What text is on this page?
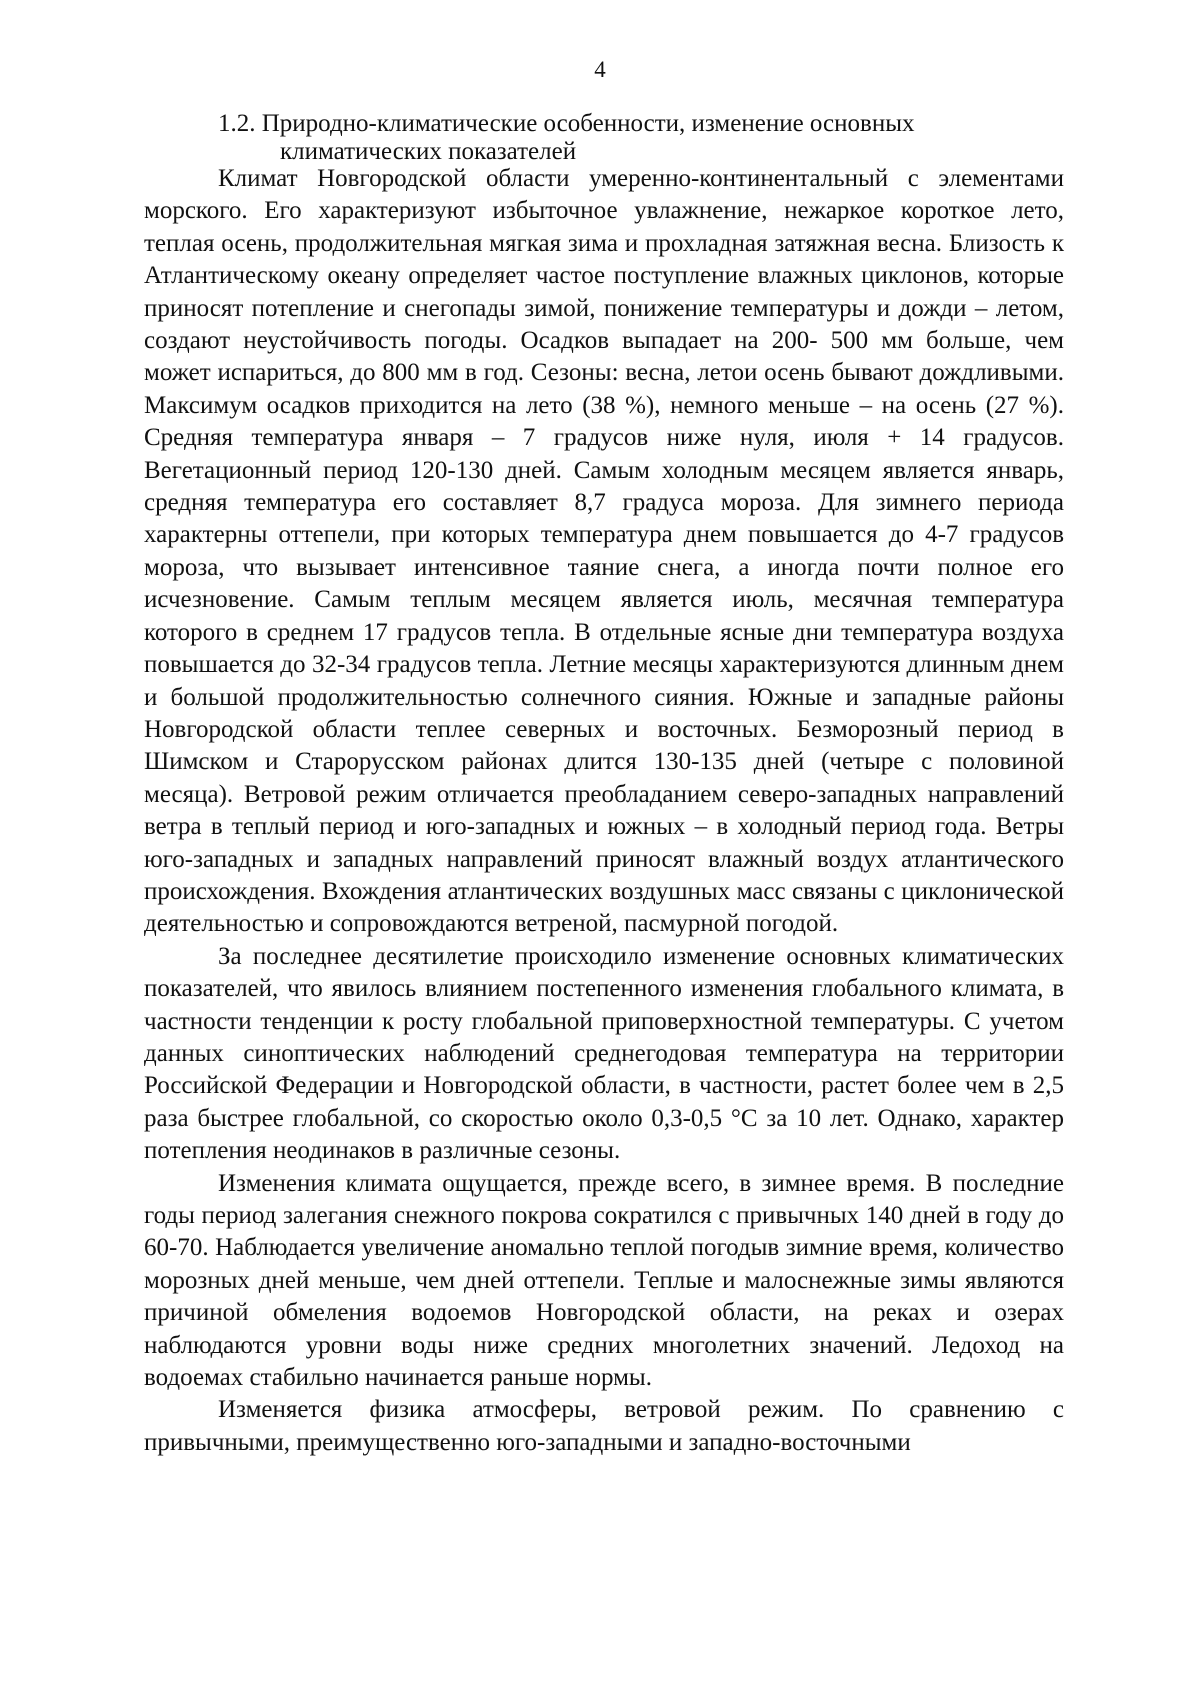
4
1.2. Природно-климатические особенности, изменение основных
климатических показателей

Климат Новгородской области умеренно-континентальный с элементами морского. Его характеризуют избыточное увлажнение, нежаркое короткое лето, теплая осень, продолжительная мягкая зима и прохладная затяжная весна. Близость к Атлантическому океану определяет частое поступление влажных циклонов, которые приносят потепление и снегопады зимой, понижение температуры и дожди – летом, создают неустойчивость погоды. Осадков выпадает на 200- 500 мм больше, чем может испариться, до 800 мм в год. Сезоны: весна, летои осень бывают дождливыми. Максимум осадков приходится на лето (38 %), немного меньше – на осень (27 %). Средняя температура января – 7 градусов ниже нуля, июля + 14 градусов. Вегетационный период 120-130 дней. Самым холодным месяцем является январь, средняя температура его составляет 8,7 градуса мороза. Для зимнего периода характерны оттепели, при которых температура днем повышается до 4-7 градусов мороза, что вызывает интенсивное таяние снега, а иногда почти полное его исчезновение. Самым теплым месяцем является июль, месячная температура которого в среднем 17 градусов тепла. В отдельные ясные дни температура воздуха повышается до 32-34 градусов тепла. Летние месяцы характеризуются длинным днем и большой продолжительностью солнечного сияния. Южные и западные районы Новгородской области теплее северных и восточных. Безморозный период в Шимском и Старорусском районах длится 130-135 дней (четыре с половиной месяца). Ветровой режим отличается преобладанием северо-западных направлений ветра в теплый период и юго-западных и южных – в холодный период года. Ветры юго-западных и западных направлений приносят влажный воздух атлантического происхождения. Вхождения атлантических воздушных масс связаны с циклонической деятельностью и сопровождаются ветреной, пасмурной погодой.

За последнее десятилетие происходило изменение основных климатических показателей, что явилось влиянием постепенного изменения глобального климата, в частности тенденции к росту глобальной приповерхностной температуры. С учетом данных синоптических наблюдений среднегодовая температура на территории Российской Федерации и Новгородской области, в частности, растет более чем в 2,5 раза быстрее глобальной, со скоростью около 0,3-0,5 °С за 10 лет. Однако, характер потепления неодинаков в различные сезоны.

Изменения климата ощущается, прежде всего, в зимнее время. В последние годы период залегания снежного покрова сократился с привычных 140 дней в году до 60-70. Наблюдается увеличение аномально теплой погодыв зимние время, количество морозных дней меньше, чем дней оттепели. Теплые и малоснежные зимы являются причиной обмеления водоемов Новгородской области, на реках и озерах наблюдаются уровни воды ниже средних многолетних значений. Ледоход на водоемах стабильно начинается раньше нормы.

Изменяется физика атмосферы, ветровой режим. По сравнению с привычными, преимущественно юго-западными и западно-восточными
